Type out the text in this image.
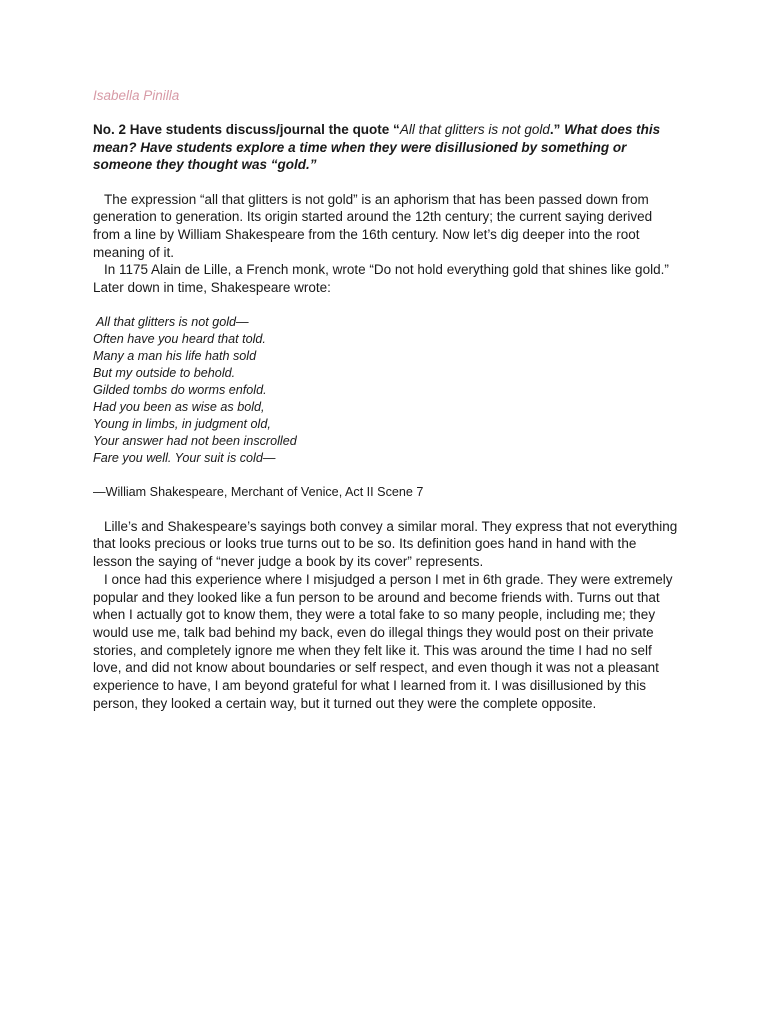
Isabella Pinilla
No. 2 Have students discuss/journal the quote “All that glitters is not gold.” What does this mean? Have students explore a time when they were disillusioned by something or someone they thought was “gold.”

The expression “all that glitters is not gold” is an aphorism that has been passed down from generation to generation. Its origin started around the 12th century; the current saying derived from a line by William Shakespeare from the 16th century. Now let’s dig deeper into the root meaning of it.

In 1175 Alain de Lille, a French monk, wrote “Do not hold everything gold that shines like gold.” Later down in time, Shakespeare wrote:

All that glitters is not gold—
Often have you heard that told.
Many a man his life hath sold
But my outside to behold.
Gilded tombs do worms enfold.
Had you been as wise as bold,
Young in limbs, in judgment old,
Your answer had not been inscrolled
Fare you well. Your suit is cold—

—William Shakespeare, Merchant of Venice, Act II Scene 7

Lille’s and Shakespeare’s sayings both convey a similar moral. They express that not everything that looks precious or looks true turns out to be so. Its definition goes hand in hand with the lesson the saying of “never judge a book by its cover” represents.

I once had this experience where I misjudged a person I met in 6th grade. They were extremely popular and they looked like a fun person to be around and become friends with. Turns out that when I actually got to know them, they were a total fake to so many people, including me; they would use me, talk bad behind my back, even do illegal things they would post on their private stories, and completely ignore me when they felt like it. This was around the time I had no self love, and did not know about boundaries or self respect, and even though it was not a pleasant experience to have, I am beyond grateful for what I learned from it. I was disillusioned by this person, they looked a certain way, but it turned out they were the complete opposite.
